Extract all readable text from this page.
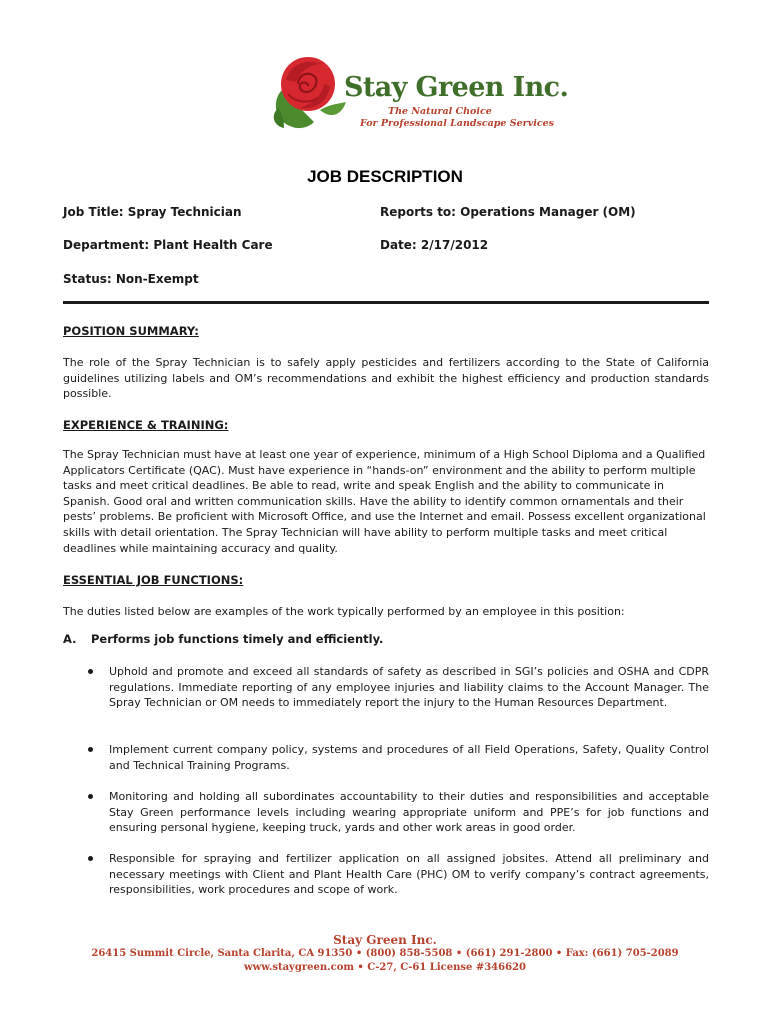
Stay Green Inc.
The Natural Choice
For Professional Landscape Services
JOB DESCRIPTION
Job Title: Spray Technician	Reports to: Operations Manager (OM)
Department: Plant Health Care	Date: 2/17/2012
Status: Non-Exempt
POSITION SUMMARY:
The role of the Spray Technician is to safely apply pesticides and fertilizers according to the State of California guidelines utilizing labels and OM’s recommendations and exhibit the highest efficiency and production standards possible.
EXPERIENCE & TRAINING:
The Spray Technician must have at least one year of experience, minimum of a High School Diploma and a Qualified Applicators Certificate (QAC). Must have experience in “hands-on” environment and the ability to perform multiple tasks and meet critical deadlines. Be able to read, write and speak English and the ability to communicate in Spanish. Good oral and written communication skills. Have the ability to identify common ornamentals and their pests’ problems. Be proficient with Microsoft Office, and use the Internet and email. Possess excellent organizational skills with detail orientation. The Spray Technician will have ability to perform multiple tasks and meet critical deadlines while maintaining accuracy and quality.
ESSENTIAL JOB FUNCTIONS:
The duties listed below are examples of the work typically performed by an employee in this position:
A. Performs job functions timely and efficiently.
Uphold and promote and exceed all standards of safety as described in SGI’s policies and OSHA and CDPR regulations. Immediate reporting of any employee injuries and liability claims to the Account Manager. The Spray Technician or OM needs to immediately report the injury to the Human Resources Department.
Implement current company policy, systems and procedures of all Field Operations, Safety, Quality Control and Technical Training Programs.
Monitoring and holding all subordinates accountability to their duties and responsibilities and acceptable Stay Green performance levels including wearing appropriate uniform and PPE’s for job functions and ensuring personal hygiene, keeping truck, yards and other work areas in good order.
Responsible for spraying and fertilizer application on all assigned jobsites. Attend all preliminary and necessary meetings with Client and Plant Health Care (PHC) OM to verify company’s contract agreements, responsibilities, work procedures and scope of work.
Stay Green Inc.
26415 Summit Circle, Santa Clarita, CA 91350 • (800) 858-5508 • (661) 291-2800 • Fax: (661) 705-2089
www.staygreen.com • C-27, C-61 License #346620
